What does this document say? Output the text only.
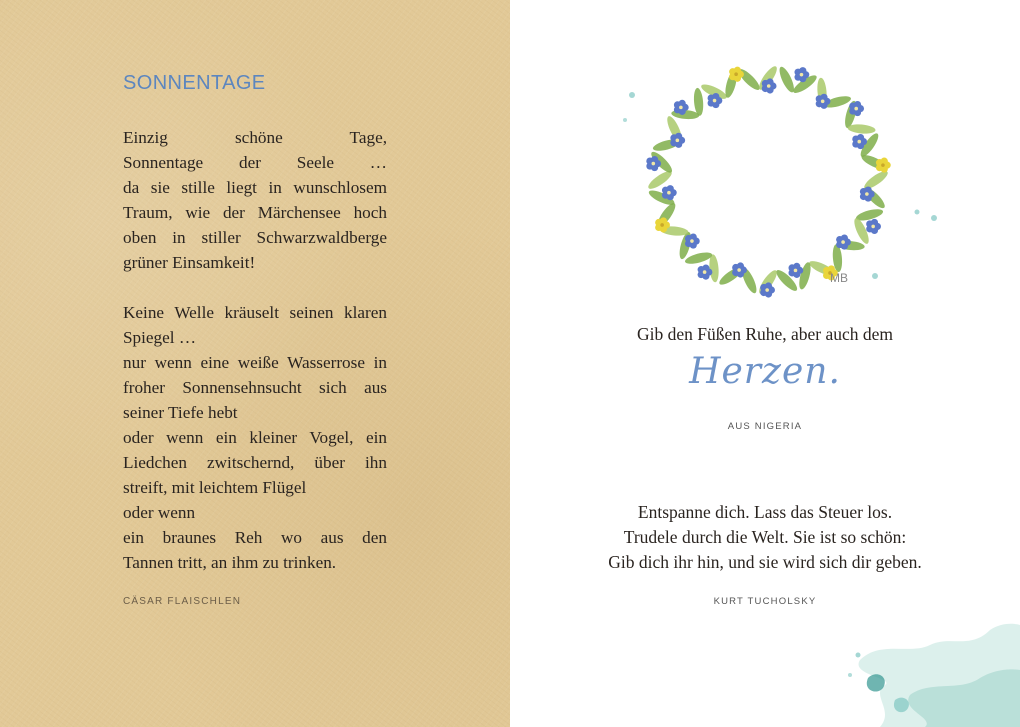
SONNENTAGE
Einzig schöne Tage,
Sonnentage der Seele …
da sie stille liegt in wunschlosem
Traum, wie der Märchensee hoch
oben in stiller Schwarzwaldberge
grüner Einsamkeit!
Keine Welle kräuselt seinen klaren
Spiegel …
nur wenn eine weiße Wasserrose in
froher Sonnensehnsucht sich aus
seiner Tiefe hebt
oder wenn ein kleiner Vogel, ein
Liedchen zwitschernd, über ihn
streift, mit leichtem Flügel
oder wenn
ein braunes Reh wo aus den
Tannen tritt, an ihm zu trinken.
CÄSAR FLAISCHLEN
MB
Gib den Füßen Ruhe, aber auch dem
Herzen.
AUS NIGERIA

Entspanne dich. Lass das Steuer los.

Trudele durch die Welt. Sie ist so schön:

Gib dich ihr hin, und sie wird sich dir geben.

KURT TUCHOLSKY
